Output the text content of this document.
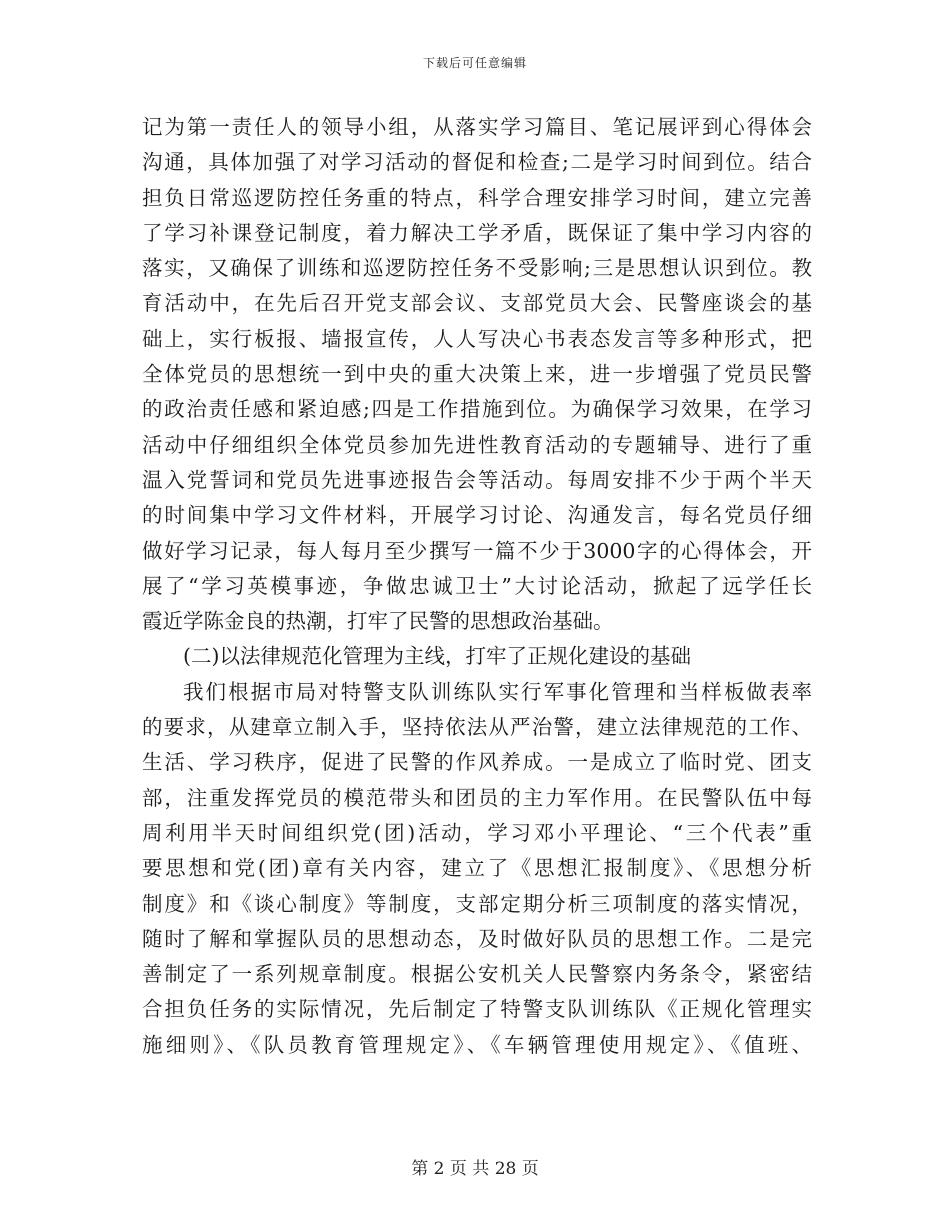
下载后可任意编辑
记为第一责任人的领导小组，从落实学习篇目、笔记展评到心得体会
沟通，具体加强了对学习活动的督促和检查;二是学习时间到位。结合
担负日常巡逻防控任务重的特点，科学合理安排学习时间，建立完善
了学习补课登记制度，着力解决工学矛盾，既保证了集中学习内容的
落实，又确保了训练和巡逻防控任务不受影响;三是思想认识到位。教
育活动中，在先后召开党支部会议、支部党员大会、民警座谈会的基
础上，实行板报、墙报宣传，人人写决心书表态发言等多种形式，把
全体党员的思想统一到中央的重大决策上来，进一步增强了党员民警
的政治责任感和紧迫感;四是工作措施到位。为确保学习效果，在学习
活动中仔细组织全体党员参加先进性教育活动的专题辅导、进行了重
温入党誓词和党员先进事迹报告会等活动。每周安排不少于两个半天
的时间集中学习文件材料，开展学习讨论、沟通发言，每名党员仔细
做好学习记录，每人每月至少撰写一篇不少于3000字的心得体会，开
展了“学习英模事迹，争做忠诚卫士”大讨论活动，掀起了远学任长
霞近学陈金良的热潮，打牢了民警的思想政治基础。
(二)以法律规范化管理为主线，打牢了正规化建设的基础
我们根据市局对特警支队训练队实行军事化管理和当样板做表率
的要求，从建章立制入手，坚持依法从严治警，建立法律规范的工作、
生活、学习秩序，促进了民警的作风养成。一是成立了临时党、团支
部，注重发挥党员的模范带头和团员的主力军作用。在民警队伍中每
周利用半天时间组织党(团)活动，学习邓小平理论、“三个代表”重
要思想和党(团)章有关内容，建立了《思想汇报制度》、《思想分析
制度》和《谈心制度》等制度，支部定期分析三项制度的落实情况，
随时了解和掌握队员的思想动态，及时做好队员的思想工作。二是完
善制定了一系列规章制度。根据公安机关人民警察内务条令，紧密结
合担负任务的实际情况，先后制定了特警支队训练队《正规化管理实
施细则》、《队员教育管理规定》、《车辆管理使用规定》、《值班、
第 2 页 共 28 页
